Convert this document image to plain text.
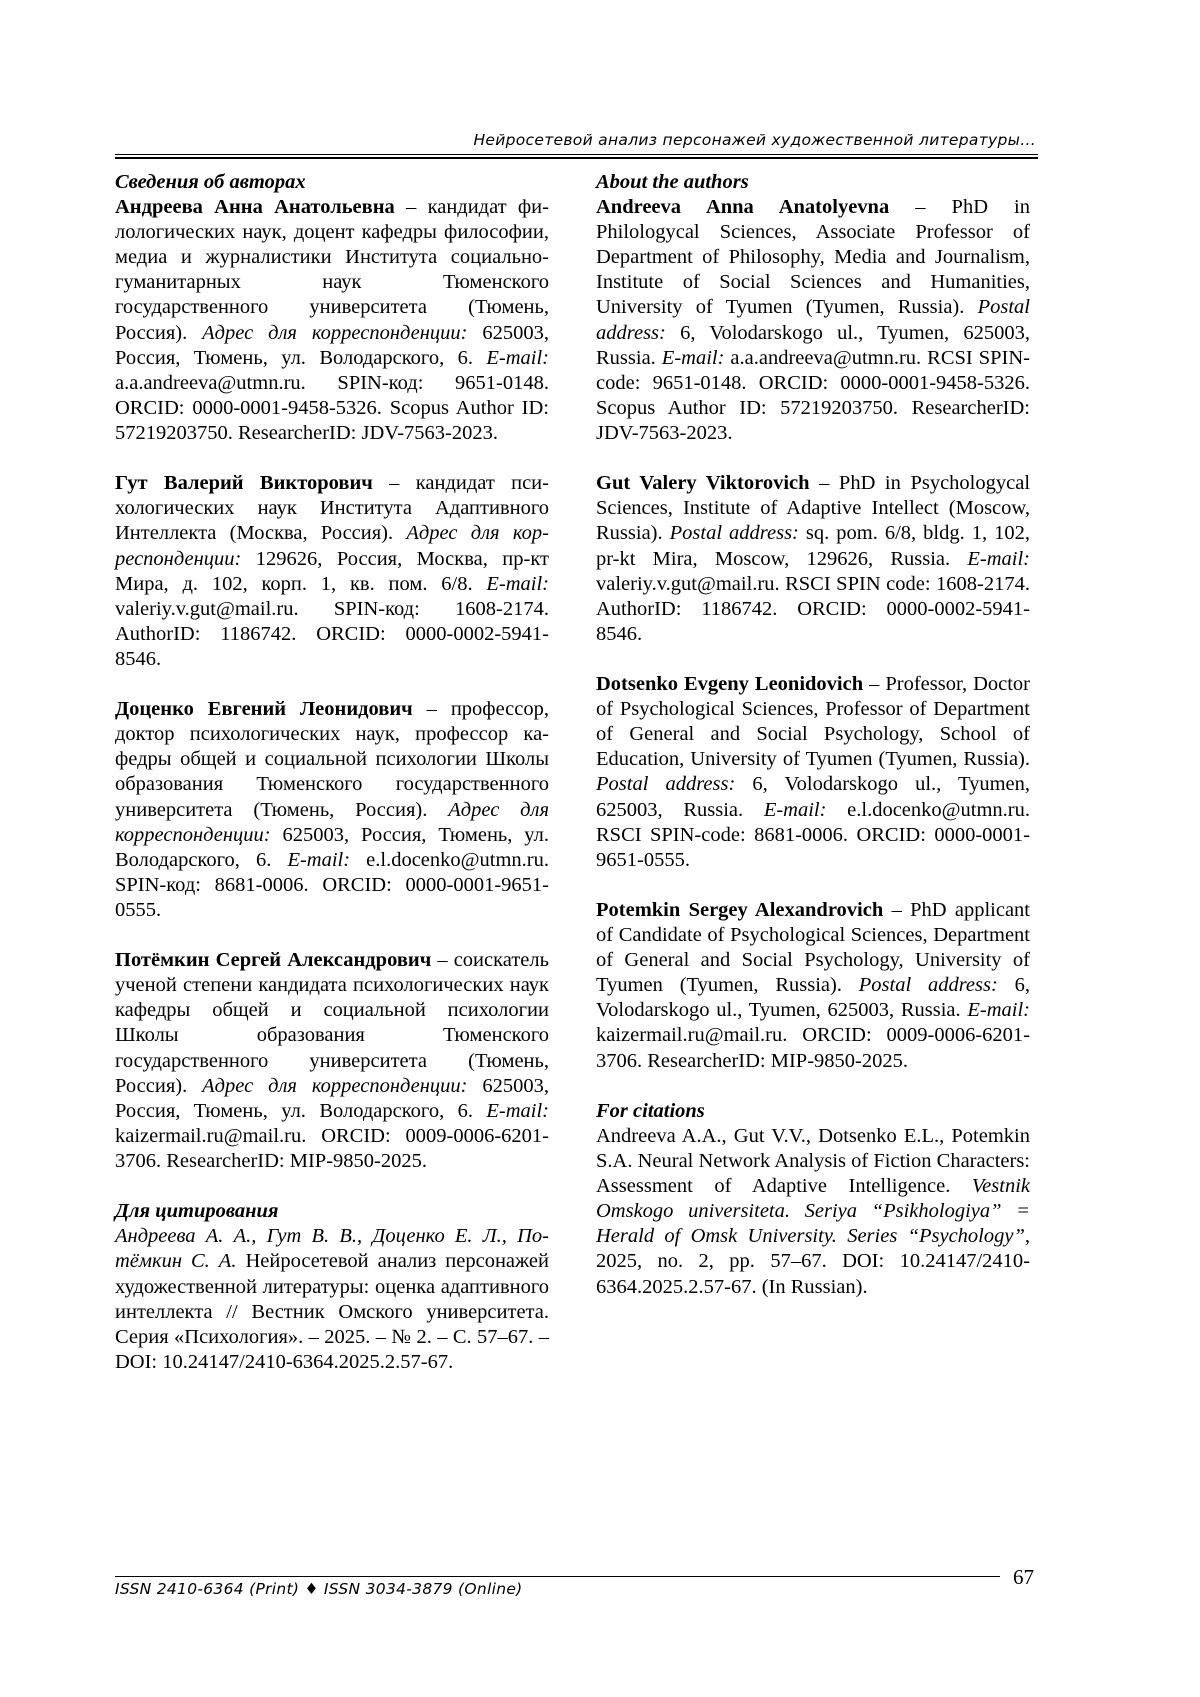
Нейросетевой анализ персонажей художественной литературы…

Сведения об авторах

Андреева Анна Анатольевна – кандидат филологических наук, доцент кафедры философии, медиа и журналистики Института социально-гуманитарных наук Тюменского государственного университета (Тюмень, Россия). Адрес для корреспонденции: 625003, Россия, Тюмень, ул. Володарского, 6. E-mail: a.a.andreeva@utmn.ru. SPIN-код: 9651-0148. ORCID: 0000-0001-9458-5326. Scopus Author ID: 57219203750. ResearcherID: JDV-7563-2023.

Гут Валерий Викторович – кандидат психологических наук Института Адаптивного Интеллекта (Москва, Россия). Адрес для корреспонденции: 129626, Россия, Москва, пр-кт Мира, д. 102, корп. 1, кв. пом. 6/8. E-mail: valeriy.v.gut@mail.ru. SPIN-код: 1608-2174. AuthorID: 1186742. ORCID: 0000-0002-5941-8546.

Доценко Евгений Леонидович – профессор, доктор психологических наук, профессор кафедры общей и социальной психологии Школы образования Тюменского государственного университета (Тюмень, Россия). Адрес для корреспонденции: 625003, Россия, Тюмень, ул. Володарского, 6. E-mail: e.l.docenko@utmn.ru. SPIN-код: 8681-0006. ORCID: 0000-0001-9651-0555.

Потёмкин Сергей Александрович – соискатель ученой степени кандидата психологических наук кафедры общей и социальной психологии Школы образования Тюменского государственного университета (Тюмень, Россия). Адрес для корреспонденции: 625003, Россия, Тюмень, ул. Володарского, 6. E-mail: kaizermail.ru@mail.ru. ORCID: 0009-0006-6201-3706. ResearcherID: MIP-9850-2025.

Для цитирования

Андреева А. А., Гут В. В., Доценко Е. Л., Потёмкин С. А. Нейросетевой анализ персонажей художественной литературы: оценка адаптивного интеллекта // Вестник Омского университета. Серия «Психология». – 2025. – № 2. – С. 57–67. – DOI: 10.24147/2410-6364.2025.2.57-67.

About the authors

Andreeva Anna Anatolyevna – PhD in Philologycal Sciences, Associate Professor of Department of Philosophy, Media and Journalism, Institute of Social Sciences and Humanities, University of Tyumen (Tyumen, Russia). Postal address: 6, Volodarskogo ul., Tyumen, 625003, Russia. E-mail: a.a.andreeva@utmn.ru. RCSI SPIN-code: 9651-0148. ORCID: 0000-0001-9458-5326. Scopus Author ID: 57219203750. ResearcherID: JDV-7563-2023.

Gut Valery Viktorovich – PhD in Psychologycal Sciences, Institute of Adaptive Intellect (Moscow, Russia). Postal address: sq. pom. 6/8, bldg. 1, 102, pr-kt Mira, Moscow, 129626, Russia. E-mail: valeriy.v.gut@mail.ru. RSCI SPIN code: 1608-2174. AuthorID: 1186742. ORCID: 0000-0002-5941-8546.

Dotsenko Evgeny Leonidovich – Professor, Doctor of Psychological Sciences, Professor of Department of General and Social Psychology, School of Education, University of Tyumen (Tyumen, Russia). Postal address: 6, Volodarskogo ul., Tyumen, 625003, Russia. E-mail: e.l.docenko@utmn.ru. RSCI SPIN-code: 8681-0006. ORCID: 0000-0001-9651-0555.

Potemkin Sergey Alexandrovich – PhD applicant of Candidate of Psychological Sciences, Department of General and Social Psychology, University of Tyumen (Tyumen, Russia). Postal address: 6, Volodarskogo ul., Tyumen, 625003, Russia. E-mail: kaizermail.ru@mail.ru. ORCID: 0009-0006-6201-3706. ResearcherID: MIP-9850-2025.

For citations

Andreeva A.A., Gut V.V., Dotsenko E.L., Potemkin S.A. Neural Network Analysis of Fiction Characters: Assessment of Adaptive Intelligence. Vestnik Omskogo universiteta. Seriya “Psikhologiya” = Herald of Omsk University. Series “Psychology”, 2025, no. 2, pp. 57–67. DOI: 10.24147/2410-6364.2025.2.57-67. (In Russian).

ISSN 2410-6364 (Print) ♦ ISSN 3034-3879 (Online)	67
